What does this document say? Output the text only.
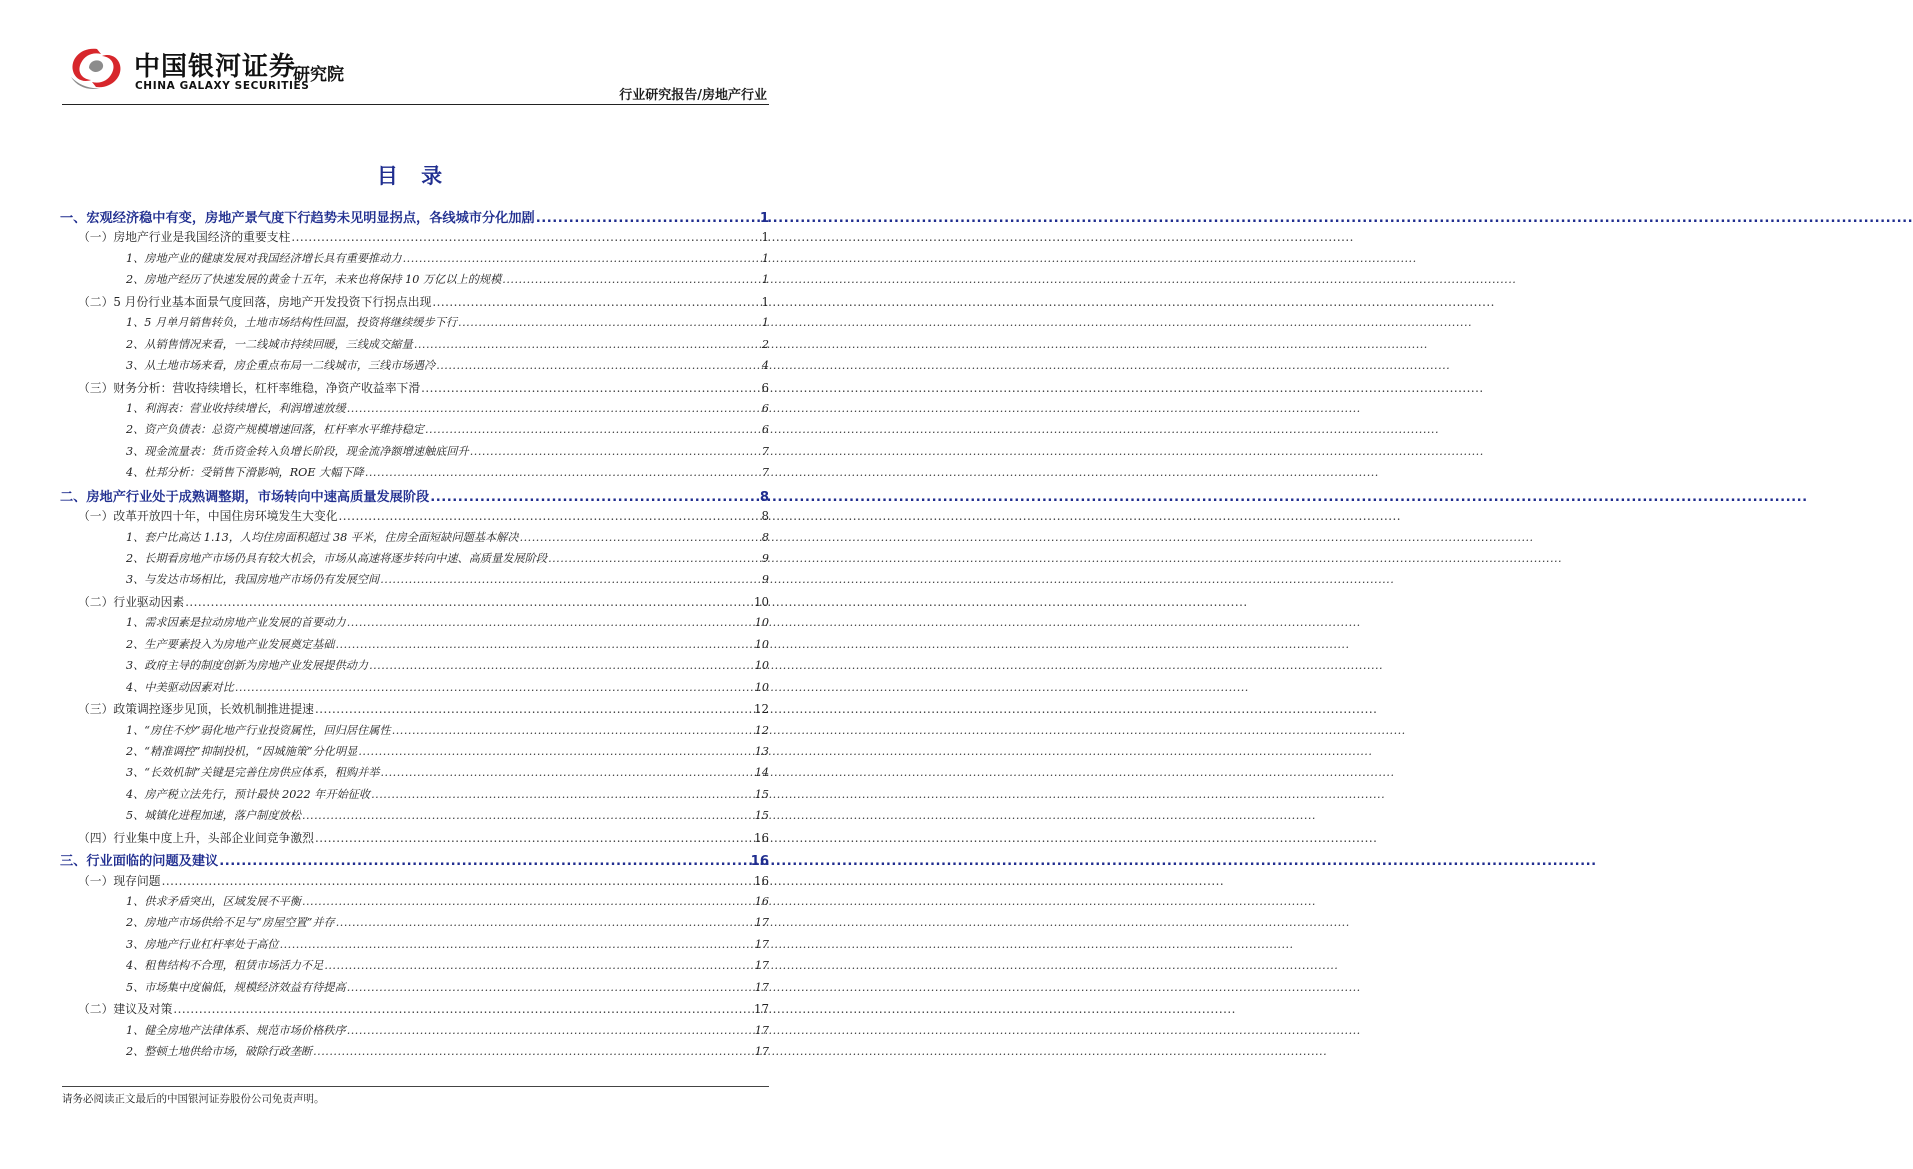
中国银河证券
CHINA GALAXY SECURITIES
研究院
行业研究报告/房地产行业
目 录
一、宏观经济稳中有变，房地产景气度下行趋势未见明显拐点，各线城市分化加剧 .....	1
（一）房地产行业是我国经济的重要支柱 .....	1
1、房地产业的健康发展对我国经济增长具有重要推动力 .....	1
2、房地产经历了快速发展的黄金十五年，未来也将保持 10 万亿以上的规模 .....	1
（二）5 月份行业基本面景气度回落，房地产开发投资下行拐点出现 .....	1
1、5 月单月销售转负，土地市场结构性回温，投资将继续缓步下行 .....	1
2、从销售情况来看，一二线城市持续回暖，三线成交縮量 .....	2
3、从土地市场来看，房企重点布局一二线城市，三线市场遇冷 .....	4
（三）财务分析：营收持续增长，杠杆率维稳，净资产收益率下滑 .....	6
1、利润表：营业收持续增长，利润增速放缓 .....	6
2、资产负债表：总资产规模增速回落，杠杆率水平维持稳定 .....	6
3、现金流量表：货币资金转入负增长阶段，现金流净额增速触底回升 .....	7
4、杜邦分析：受销售下滑影响，ROE 大幅下降 .....	7
二、房地产行业处于成熟调整期，市场转向中速高质量发展阶段 .....	8
（一）改革开放四十年，中国住房环境发生大变化 .....	8
1、套户比高达 1.13，人均住房面积超过 38 平米，住房全面短缺问题基本解决 .....	8
2、长期看房地产市场仍具有较大机会，市场从高速将逐步转向中速、高质量发展阶段 .....	9
3、与发达市场相比，我国房地产市场仍有发展空间 .....	9
（二）行业驱动因素 .....	10
1、需求因素是拉动房地产业发展的首要动力 .....	10
2、生产要素投入为房地产业发展奠定基础 .....	10
3、政府主导的制度创新为房地产业发展提供动力 .....	10
4、中美驱动因素对比 .....	10
（三）政策调控逐步见顶，长效机制推进提速 .....	12
1、“房住不炒”弱化地产行业投资属性，回归居住属性 .....	12
2、“精准调控”抑制投机，“因城施策”分化明显 .....	13
3、“长效机制”关键是完善住房供应体系，租购并举 .....	14
4、房产税立法先行，预计最快 2022 年开始征收 .....	15
5、城镇化进程加速，落户制度放松 .....	15
（四）行业集中度上升，头部企业间竞争激烈 .....	16
三、行业面临的问题及建议 .....	16
（一）现存问题 .....	16
1、供求矛盾突出，区域发展不平衡 .....	16
2、房地产市场供给不足与“房屋空置”并存 .....	17
3、房地产行业杠杆率处于高位 .....	17
4、租售结构不合理，租赁市场活力不足 .....	17
5、市场集中度偏低，规模经济效益有待提高 .....	17
（二）建议及对策 .....	17
1、健全房地产法律体系、规范市场价格秩序 .....	17
2、整顿土地供给市场，破除行政垄断 .....	17
请务必阅读正文最后的中国银河证券股份公司免责声明。
